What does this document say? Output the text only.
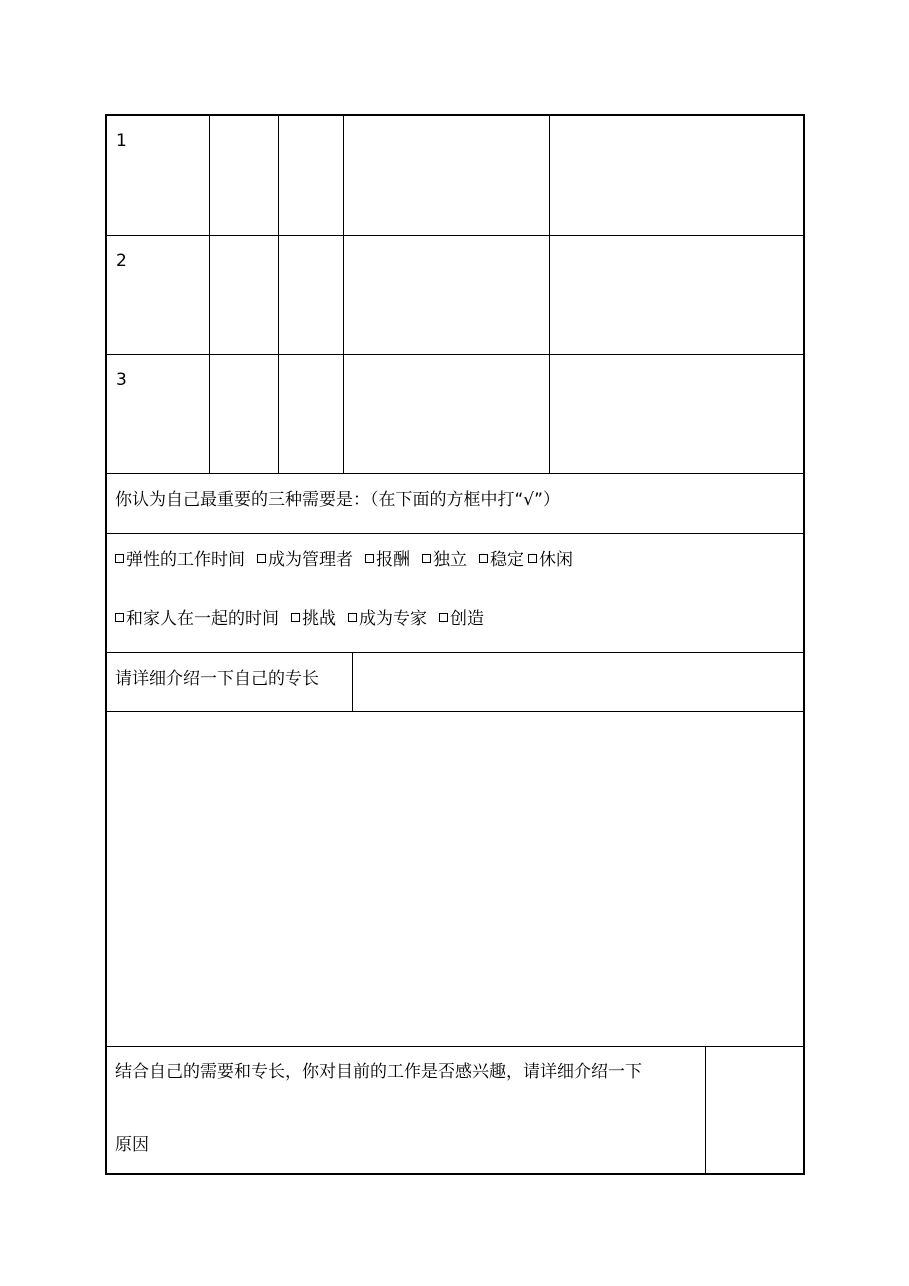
1
2
3
你认为自己最重要的三种需要是：（在下面的方框中打“√”）
弹性的工作时间 成为管理者 报酬 独立 稳定 休闲
和家人在一起的时间 挑战 成为专家 创造
请详细介绍一下自己的专长
结合自己的需要和专长，你对目前的工作是否感兴趣，请详细介绍一下
原因
